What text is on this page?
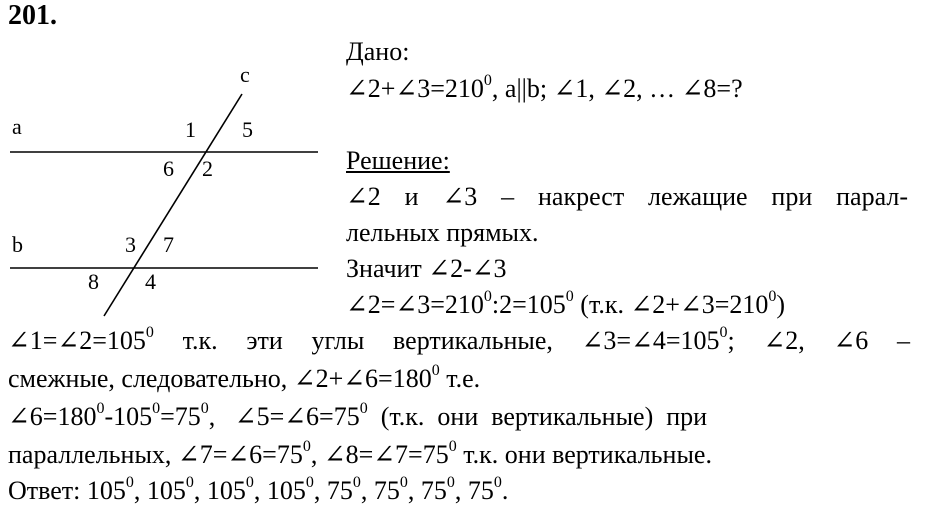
201.
a
b
c
1 5
6 2
3 7
8 4
Дано:
$\angle 2+\angle 3=210^0$, a||b; ∠1, ∠2, … ∠8=?
Решение:
∠2 и ∠3 – накрест лежащие при парал-
лельных прямых.
Значит ∠2-∠3
$\angle 2=\angle 3=210^0:2=105^0$ (т.к. $\angle 2+\angle 3=210^0$)
$\angle 1=\angle 2=105^0$ т.к. эти углы вертикальные, $\angle 3=\angle 4=105^0$; ∠2, ∠6 –
смежные, следовательно, $\angle 2+\angle 6=180^0$ т.е.
$\angle 6=180^0-105^0=75^0$,   $\angle 5=\angle 6=75^0$  (т.к.  они  вертикальные)  при
параллельных, $\angle 7=\angle 6=75^0$, $\angle 8=\angle 7=75^0$ т.к. они вертикальные.
Ответ: $105^0$, $105^0$, $105^0$, $105^0$, $75^0$, $75^0$, $75^0$, $75^0$.
